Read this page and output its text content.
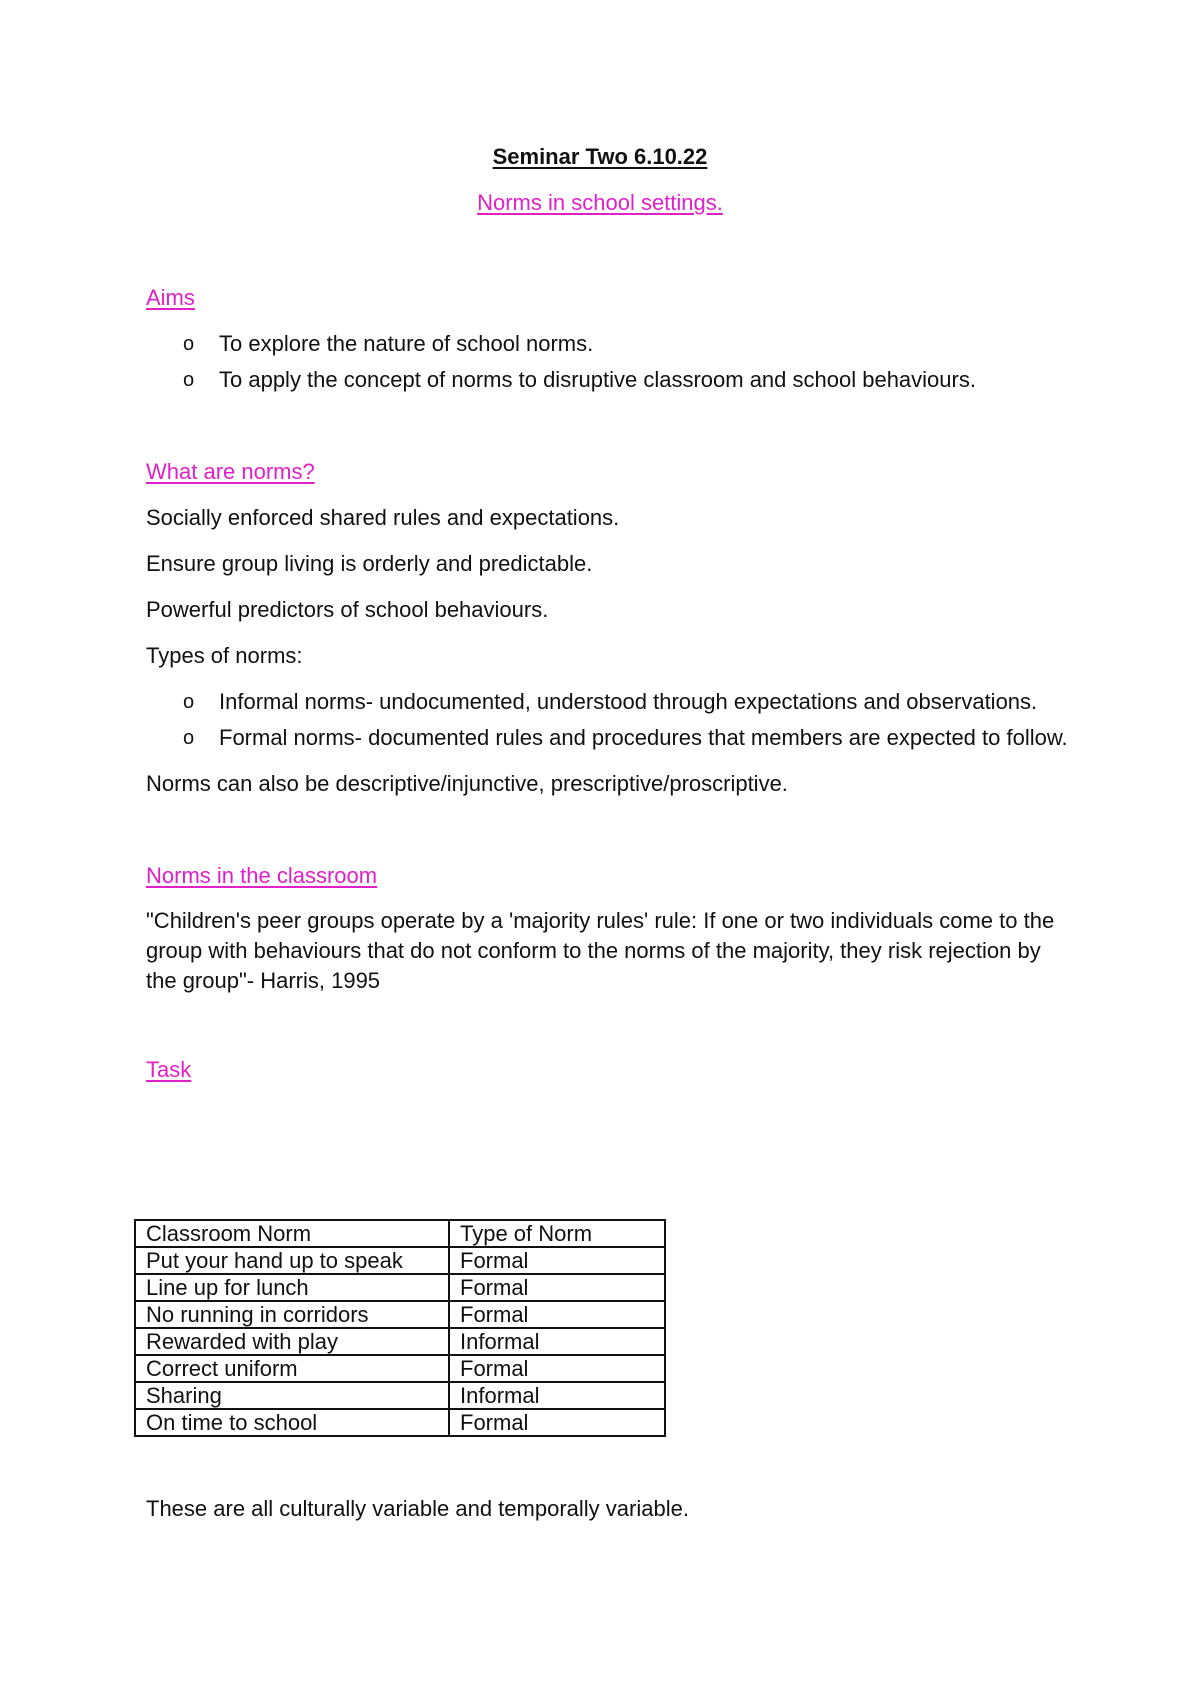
Seminar Two 6.10.22

Norms in school settings.

Aims
o To explore the nature of school norms.
o To apply the concept of norms to disruptive classroom and school behaviours.
What are norms?

Socially enforced shared rules and expectations.

Ensure group living is orderly and predictable.

Powerful predictors of school behaviours.

Types of norms:

o Informal norms- undocumented, understood through expectations and observations.
o Formal norms- documented rules and procedures that members are expected to follow.

Norms can also be descriptive/injunctive, prescriptive/proscriptive.

Norms in the classroom

"Children's peer groups operate by a 'majority rules' rule: If one or two individuals come to the group with behaviours that do not conform to the norms of the majority, they risk rejection by the group"- Harris, 1995

Task
Classroom Norm	Type of Norm
Put your hand up to speak	Formal
Line up for lunch	Formal
No running in corridors	Formal
Rewarded with play	Informal
Correct uniform	Formal
Sharing	Informal
On time to school	Formal

These are all culturally variable and temporally variable.
